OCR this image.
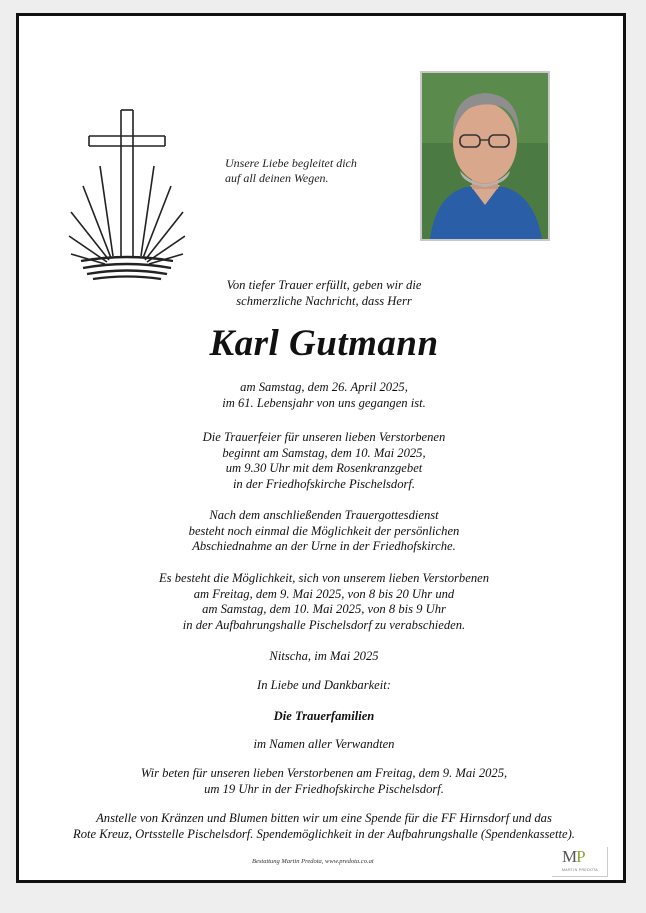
Unsere Liebe begleitet dich
auf all deinen Wegen.
Von tiefer Trauer erfüllt, geben wir die
schmerzliche Nachricht, dass Herr
Karl Gutmann
am Samstag, dem 26. April 2025,
im 61. Lebensjahr von uns gegangen ist.
Die Trauerfeier für unseren lieben Verstorbenen
beginnt am Samstag, dem 10. Mai 2025,
um 9.30 Uhr mit dem Rosenkranzgebet
in der Friedhofskirche Pischelsdorf.
Nach dem anschließenden Trauergottesdienst
besteht noch einmal die Möglichkeit der persönlichen
Abschiednahme an der Urne in der Friedhofskirche.
Es besteht die Möglichkeit, sich von unserem lieben Verstorbenen
am Freitag, dem 9. Mai 2025, von 8 bis 20 Uhr und
am Samstag, dem 10. Mai 2025, von 8 bis 9 Uhr
in der Aufbahrungshalle Pischelsdorf zu verabschieden.
Nitscha, im Mai 2025
In Liebe und Dankbarkeit:
Die Trauerfamilien
im Namen aller Verwandten
Wir beten für unseren lieben Verstorbenen am Freitag, dem 9. Mai 2025,
um 19 Uhr in der Friedhofskirche Pischelsdorf.
Anstelle von Kränzen und Blumen bitten wir um eine Spende für die FF Hirnsdorf und das
Rote Kreuz, Ortsstelle Pischelsdorf. Spendemöglichkeit in der Aufbahrungshalle (Spendenkassette).
Bestattung Martin Predota, www.predota.co.at	MP
MARTIN PREDOTA
